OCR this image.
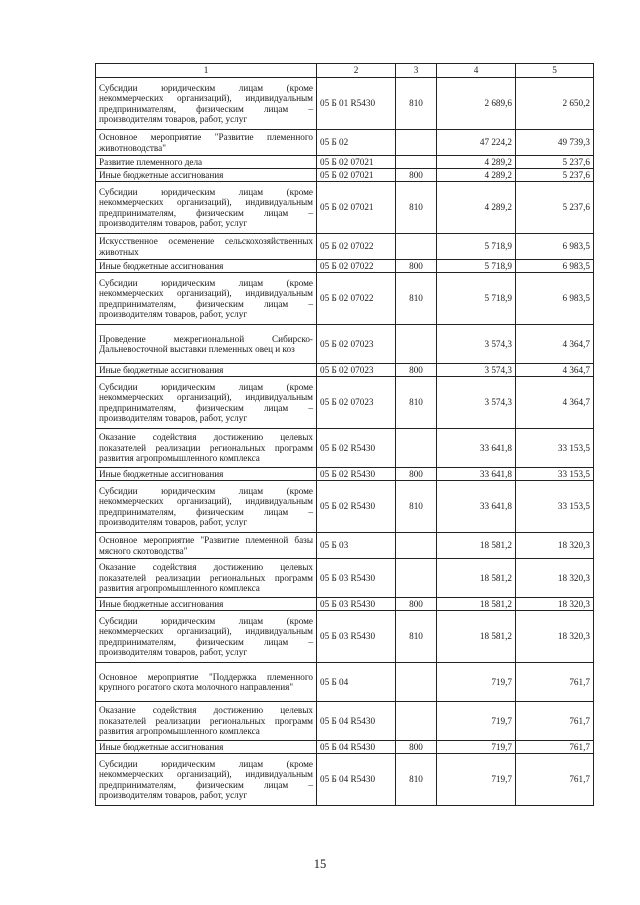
1	2	3	4	5
Субсидии юридическим лицам (кроме некоммерческих организаций), индивидуальным предпринимателям, физическим лицам – производителям товаров, работ, услуг	05 Б 01 R5430	810	2 689,6	2 650,2
Основное мероприятие "Развитие племенного животноводства"	05 Б 02		47 224,2	49 739,3
Развитие племенного дела	05 Б 02 07021		4 289,2	5 237,6
Иные бюджетные ассигнования	05 Б 02 07021	800	4 289,2	5 237,6
Субсидии юридическим лицам (кроме некоммерческих организаций), индивидуальным предпринимателям, физическим лицам – производителям товаров, работ, услуг	05 Б 02 07021	810	4 289,2	5 237,6
Искусственное осеменение сельскохозяйственных животных	05 Б 02 07022		5 718,9	6 983,5
Иные бюджетные ассигнования	05 Б 02 07022	800	5 718,9	6 983,5
Субсидии юридическим лицам (кроме некоммерческих организаций), индивидуальным предпринимателям, физическим лицам – производителям товаров, работ, услуг	05 Б 02 07022	810	5 718,9	6 983,5
Проведение межрегиональной Сибирско-Дальневосточной выставки племенных овец и коз	05 Б 02 07023		3 574,3	4 364,7
Иные бюджетные ассигнования	05 Б 02 07023	800	3 574,3	4 364,7
Субсидии юридическим лицам (кроме некоммерческих организаций), индивидуальным предпринимателям, физическим лицам – производителям товаров, работ, услуг	05 Б 02 07023	810	3 574,3	4 364,7
Оказание содействия достижению целевых показателей реализации региональных программ развития агропромышленного комплекса	05 Б 02 R5430		33 641,8	33 153,5
Иные бюджетные ассигнования	05 Б 02 R5430	800	33 641,8	33 153,5
Субсидии юридическим лицам (кроме некоммерческих организаций), индивидуальным предпринимателям, физическим лицам – производителям товаров, работ, услуг	05 Б 02 R5430	810	33 641,8	33 153,5
Основное мероприятие "Развитие племенной базы мясного скотоводства"	05 Б 03		18 581,2	18 320,3
Оказание содействия достижению целевых показателей реализации региональных программ развития агропромышленного комплекса	05 Б 03 R5430		18 581,2	18 320,3
Иные бюджетные ассигнования	05 Б 03 R5430	800	18 581,2	18 320,3
Субсидии юридическим лицам (кроме некоммерческих организаций), индивидуальным предпринимателям, физическим лицам – производителям товаров, работ, услуг	05 Б 03 R5430	810	18 581,2	18 320,3
Основное мероприятие "Поддержка племенного крупного рогатого скота молочного направления"	05 Б 04		719,7	761,7
Оказание содействия достижению целевых показателей реализации региональных программ развития агропромышленного комплекса	05 Б 04 R5430		719,7	761,7
Иные бюджетные ассигнования	05 Б 04 R5430	800	719,7	761,7
Субсидии юридическим лицам (кроме некоммерческих организаций), индивидуальным предпринимателям, физическим лицам – производителям товаров, работ, услуг	05 Б 04 R5430	810	719,7	761,7
15
